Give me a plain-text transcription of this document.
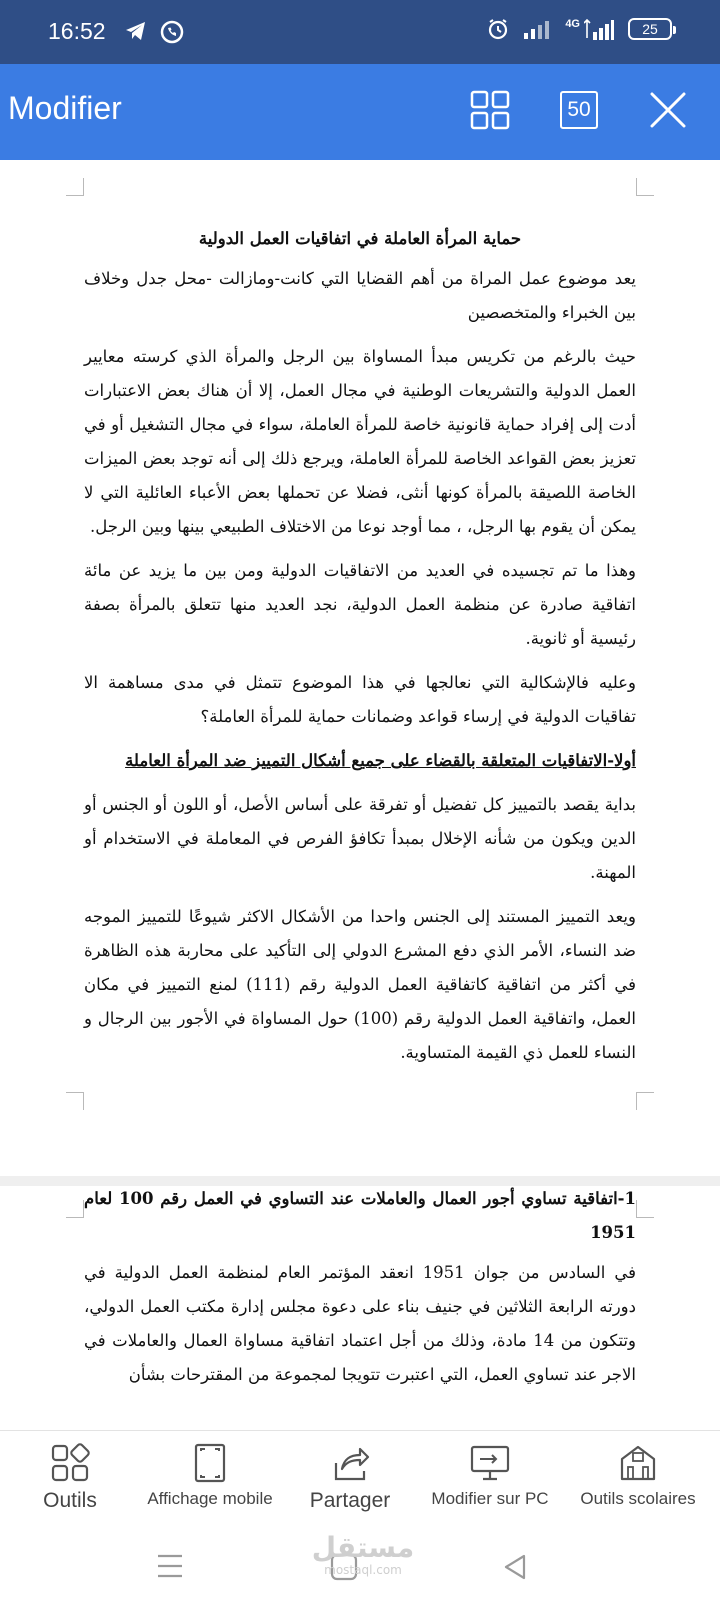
16:52	4G	25
Modifier	50
حماية المرأة العاملة في اتفاقيات العمل الدولية

يعد موضوع عمل المراة من أهم القضايا التي كانت-ومازالت -محل جدل وخلاف بين الخبراء والمتخصصين

حيث بالرغم من تكريس مبدأ المساواة بين الرجل والمرأة الذي كرسته معايير العمل الدولية والتشريعات الوطنية في مجال العمل، إلا أن هناك بعض الاعتبارات أدت إلى إفراد حماية قانونية خاصة للمرأة العاملة، سواء في مجال التشغيل أو في تعزيز بعض القواعد الخاصة للمرأة العاملة، ويرجع ذلك إلى أنه توجد بعض الميزات الخاصة اللصيقة بالمرأة كونها أنثى، فضلا عن تحملها بعض الأعباء العائلية التي لا يمكن أن يقوم بها الرجل، ، مما أوجد نوعا من الاختلاف الطبيعي بينها وبين الرجل.

وهذا ما تم تجسيده في العديد من الاتفاقيات الدولية ومن بين ما يزيد عن مائة اتفاقية صادرة عن منظمة العمل الدولية، نجد العديد منها تتعلق بالمرأة بصفة رئيسية أو ثانوية.

وعليه فالإشكالية التي نعالجها في هذا الموضوع تتمثل في مدى مساهمة الا تفاقيات الدولية في إرساء قواعد وضمانات حماية للمرأة العاملة؟

أولا-الاتفاقيات المتعلقة بالقضاء على جميع أشكال التمييز ضد المرأة العاملة

بداية يقصد بالتمييز كل تفضيل أو تفرقة على أساس الأصل، أو اللون أو الجنس أو الدين ويكون من شأنه الإخلال بمبدأ تكافؤ الفرص في المعاملة في الاستخدام أو المهنة.

ويعد التمييز المستند إلى الجنس واحدا من الأشكال الاكثر شيوعًا للتمييز الموجه ضد النساء، الأمر الذي دفع المشرع الدولي إلى التأكيد على محاربة هذه الظاهرة في أكثر من اتفاقية كاتفاقية العمل الدولية رقم (111) لمنع التمييز في مكان العمل، واتفاقية العمل الدولية رقم (100) حول المساواة في الأجور بين الرجال و النساء للعمل ذي القيمة المتساوية.

1-اتفاقية تساوي أجور العمال والعاملات عند التساوي في العمل رقم 100 لعام 1951

في السادس من جوان 1951 انعقد المؤتمر العام لمنظمة العمل الدولية في دورته الرابعة الثلاثين في جنيف بناء على دعوة مجلس إدارة مكتب العمل الدولي، وتتكون من 14 مادة، وذلك من أجل اعتماد اتفاقية مساواة العمال والعاملات في الاجر عند تساوي العمل، التي اعتبرت تتويجا لمجموعة من المقترحات بشأن

Outils	Affichage mobile Partager Modifier sur PC Outils scolaires
مستقل
mostaql.com
